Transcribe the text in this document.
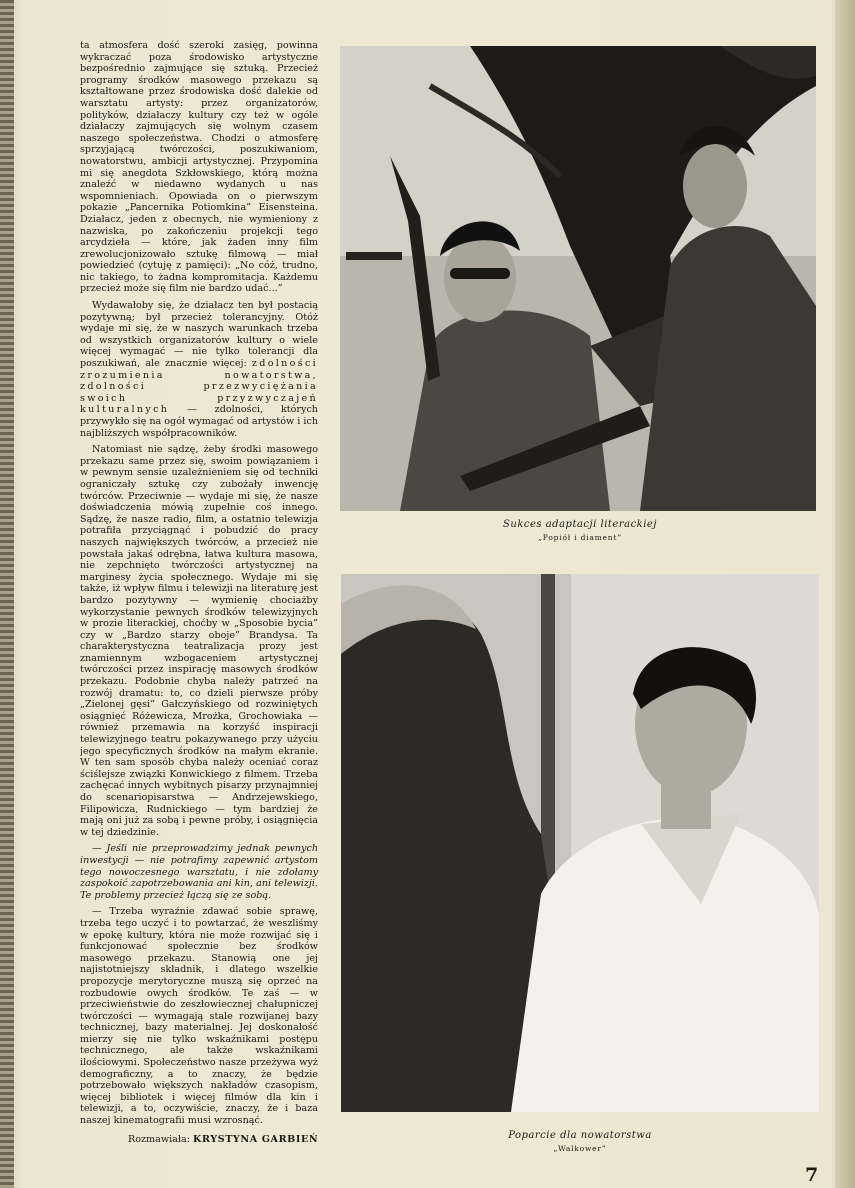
ta atmosfera dość szeroki zasięg, powinna wykraczać poza środowisko artystyczne bezpośrednio zajmujące się sztuką. Przecież programy środków masowego przekazu są kształtowane przez środowiska dość dalekie od warsztatu artysty: przez organizatorów, polityków, działaczy kultury czy też w ogóle działaczy zajmujących się wolnym czasem naszego społeczeństwa. Chodzi o atmosferę sprzyjającą twórczości, poszukiwaniom, nowatorstwu, ambicji artystycznej. Przypomina mi się anegdota Szkłowskiego, którą można znaleźć w niedawno wydanych u nas wspomnieniach. Opowiada on o pierwszym pokazie „Pancernika Potiomkina” Eisensteina. Działacz, jeden z obecnych, nie wymieniony z nazwiska, po zakończeniu projekcji tego arcydzieła — które, jak żaden inny film zrewolucjonizowało sztukę filmową — miał powiedzieć (cytuję z pamięci): „No cóż, trudno, nic takiego, to żadna kompromitacja. Każdemu przecież może się film nie bardzo udać...”

Wydawałoby się, że działacz ten był postacią pozytywną; był przecież tolerancyjny. Otóż wydaje mi się, że w naszych warunkach trzeba od wszystkich organizatorów kultury o wiele więcej wymagać — nie tylko tolerancji dla poszukiwań, ale znacznie więcej: zdolności zrozumienia nowatorstwa, zdolności przezwyciężania swoich przyzwyczajeń kulturalnych — zdolności, których przywykło się na ogół wymagać od artystów i ich najbliższych współpracowników.

Natomiast nie sądzę, żeby środki masowego przekazu same przez się, swoim powiązaniem i w pewnym sensie uzależnieniem się od techniki ograniczały sztukę czy zubożały inwencję twórców. Przeciwnie — wydaje mi się, że nasze doświadczenia mówią zupełnie coś innego. Sądzę, że nasze radio, film, a ostatnio telewizja potrafiła przyciągnąć i pobudzić do pracy naszych największych twórców, a przecież nie powstała jakaś odrębna, łatwa kultura masowa, nie zepchnięto twórczości artystycznej na marginesy życia społecznego. Wydaje mi się także, iż wpływ filmu i telewizji na literaturę jest bardzo pozytywny — wymienię chociażby wykorzystanie pewnych środków telewizyjnych w prozie literackiej, choćby w „Sposobie bycia” czy w „Bardzo starzy oboje” Brandysa. Ta charakterystyczna teatralizacja prozy jest znamiennym wzbogaceniem artystycznej twórczości przez inspirację masowych środków przekazu. Podobnie chyba należy patrzeć na rozwój dramatu: to, co dzieli pierwsze próby „Zielonej gęsi” Gałczyńskiego od rozwiniętych osiągnięć Różewicza, Mrożka, Grochowiaka — również przemawia na korzyść inspiracji telewizyjnego teatru pokazywanego przy użyciu jego specyficznych środków na małym ekranie. W ten sam sposób chyba należy oceniać coraz ściślejsze związki Konwickiego z filmem. Trzeba zachęcać innych wybitnych pisarzy przynajmniej do scenariopisarstwa — Andrzejewskiego, Filipowicza, Rudnickiego — tym bardziej że mają oni już za sobą i pewne próby, i osiągnięcia w tej dziedzinie.

— Jeśli nie przeprowadzimy jednak pewnych inwestycji — nie potrafimy zapewnić artystom tego nowoczesnego warsztatu, i nie zdołamy zaspokoić zapotrzebowania ani kin, ani telewizji. Te problemy przecież łączą się ze sobą.

— Trzeba wyraźnie zdawać sobie sprawę, trzeba tego uczyć i to powtarzać, że weszliśmy w epokę kultury, która nie może rozwijać się i funkcjonować społecznie bez środków masowego przekazu. Stanowią one jej najistotniejszy składnik, i dlatego wszelkie propozycje merytoryczne muszą się oprzeć na rozbudowie owych środków. Te zaś — w przeciwieństwie do zeszłowiecznej chałupniczej twórczości — wymagają stale rozwijanej bazy technicznej, bazy materialnej. Jej doskonałość mierzy się nie tylko wskaźnikami postępu technicznego, ale także wskaźnikami ilościowymi. Społeczeństwo nasze przeżywa wyż demograficzny, a to znaczy, że będzie potrzebowało większych nakładów czasopism, więcej bibliotek i więcej filmów dla kin i telewizji, a to, oczywiście, znaczy, że i baza naszej kinematografii musi wzrosnąć.

Rozmawiała: KRYSTYNA GARBIEŃ
Sukces adaptacji literackiej
„Popiół i diament”
Poparcie dla nowatorstwa
„Walkower”
7
